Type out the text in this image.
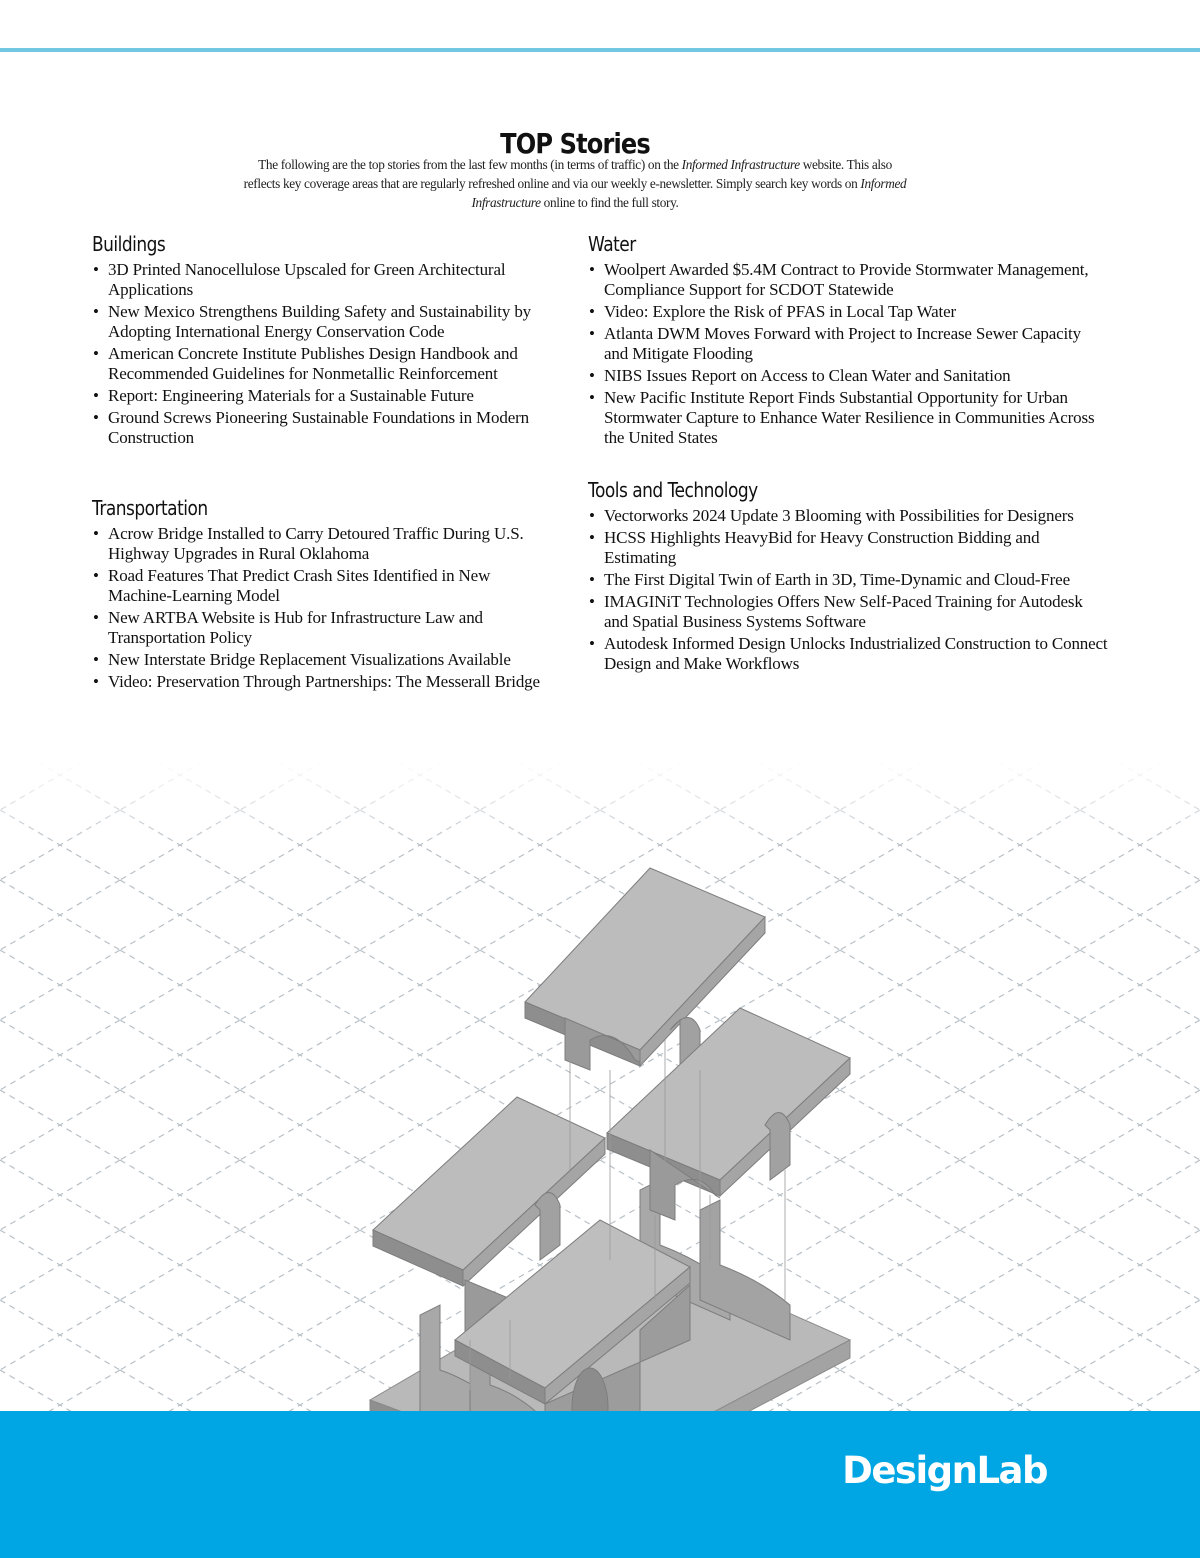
TOP Stories

The following are the top stories from the last few months (in terms of traffic) on the Informed Infrastructure website. This also reflects key coverage areas that are regularly refreshed online and via our weekly e-newsletter. Simply search key words on Informed Infrastructure online to find the full story.

Buildings
• 3D Printed Nanocellulose Upscaled for Green Architectural Applications
• New Mexico Strengthens Building Safety and Sustainability by Adopting International Energy Conservation Code
• American Concrete Institute Publishes Design Handbook and Recommended Guidelines for Nonmetallic Reinforcement
• Report: Engineering Materials for a Sustainable Future
• Ground Screws Pioneering Sustainable Foundations in Modern Construction
Transportation
• Acrow Bridge Installed to Carry Detoured Traffic During U.S. Highway Upgrades in Rural Oklahoma
• Road Features That Predict Crash Sites Identified in New Machine-Learning Model
• New ARTBA Website is Hub for Infrastructure Law and Transportation Policy
• New Interstate Bridge Replacement Visualizations Available
• Video: Preservation Through Partnerships: The Messerall Bridge
Water
• Woolpert Awarded $5.4M Contract to Provide Stormwater Management, Compliance Support for SCDOT Statewide
• Video: Explore the Risk of PFAS in Local Tap Water
• Atlanta DWM Moves Forward with Project to Increase Sewer Capacity and Mitigate Flooding
• NIBS Issues Report on Access to Clean Water and Sanitation
• New Pacific Institute Report Finds Substantial Opportunity for Urban Stormwater Capture to Enhance Water Resilience in Communities Across the United States
Tools and Technology
• Vectorworks 2024 Update 3 Blooming with Possibilities for Designers
• HCSS Highlights HeavyBid for Heavy Construction Bidding and Estimating
• The First Digital Twin of Earth in 3D, Time-Dynamic and Cloud-Free
• IMAGINiT Technologies Offers New Self-Paced Training for Autodesk and Spatial Business Systems Software
• Autodesk Informed Design Unlocks Industrialized Construction to Connect Design and Make Workflows
DesignLab
